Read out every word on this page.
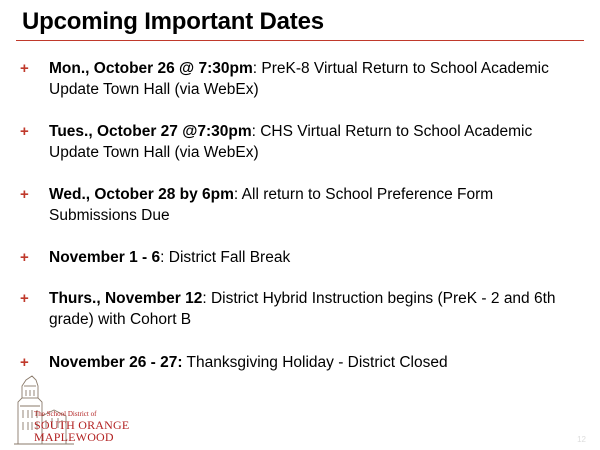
Upcoming Important Dates
+ Mon., October 26 @ 7:30pm: PreK-8 Virtual Return to School Academic Update Town Hall (via WebEx)
+ Tues., October 27 @7:30pm: CHS Virtual Return to School Academic Update Town Hall (via WebEx)
+ Wed., October 28 by 6pm: All return to School Preference Form Submissions Due
+ November 1 - 6: District Fall Break
+ Thurs., November 12: District Hybrid Instruction begins (PreK - 2 and 6th grade) with Cohort B
+ November 26 - 27: Thanksgiving Holiday - District Closed
The School District of
SOUTH ORANGE
MAPLEWOOD	12
